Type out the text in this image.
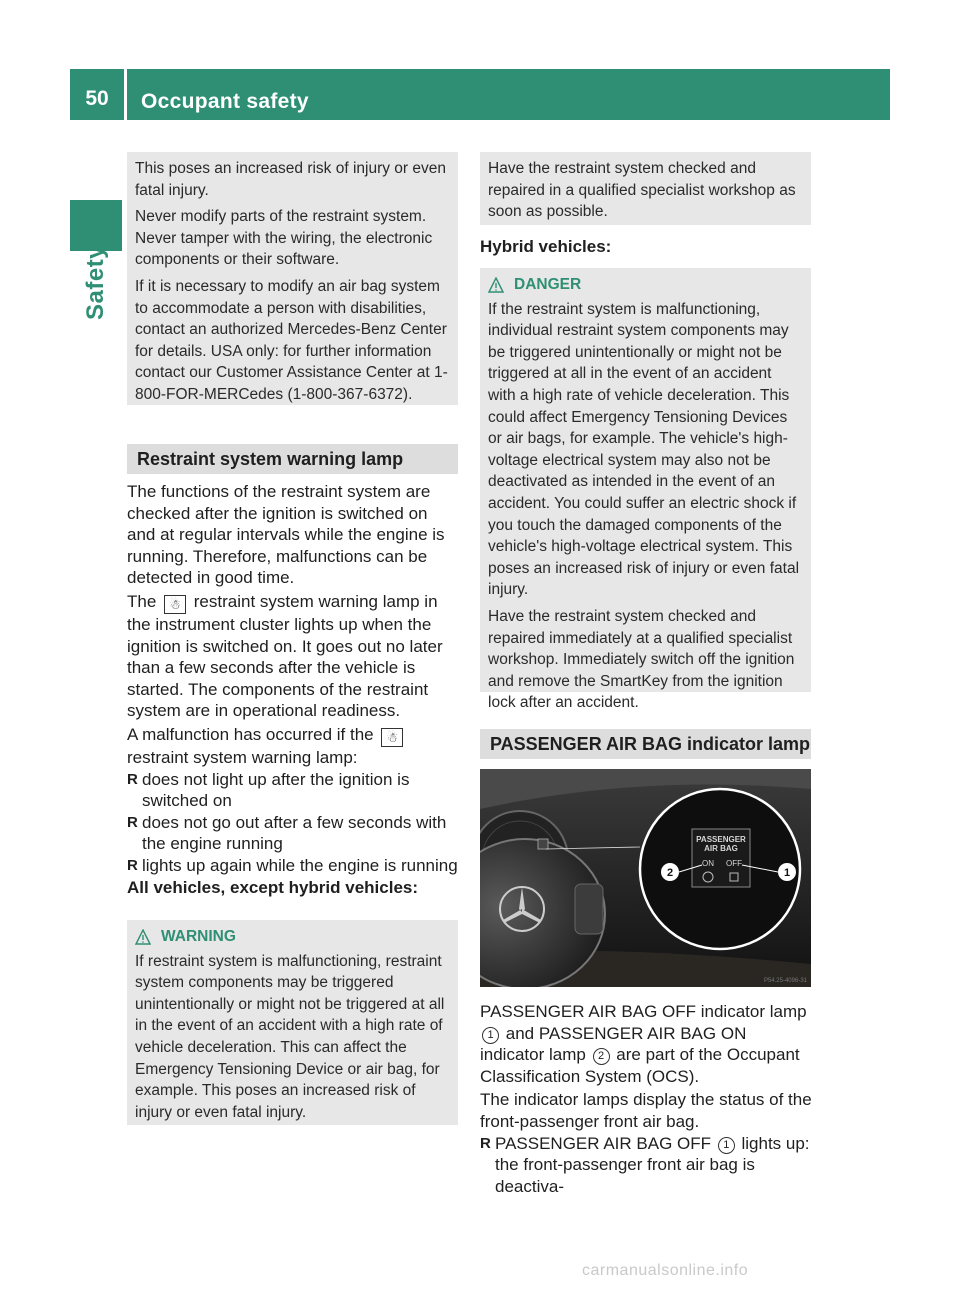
50	Occupant safety
Safety

This poses an increased risk of injury or even fatal injury.

Never modify parts of the restraint system. Never tamper with the wiring, the electronic components or their software.

If it is necessary to modify an air bag system to accommodate a person with disabilities, contact an authorized Mercedes-Benz Center for details. USA only: for further information contact our Customer Assistance Center at 1-800-FOR-MERCedes (1-800-367-6372).

Restraint system warning lamp

The functions of the restraint system are checked after the ignition is switched on and at regular intervals while the engine is running. Therefore, malfunctions can be detected in good time.

The ☃ restraint system warning lamp in the instrument cluster lights up when the ignition is switched on. It goes out no later than a few seconds after the vehicle is started. The components of the restraint system are in operational readiness.

A malfunction has occurred if the ☃ restraint system warning lamp:

R does not light up after the ignition is switched on
R does not go out after a few seconds with the engine running
R lights up again while the engine is running

All vehicles, except hybrid vehicles:

WARNING

If restraint system is malfunctioning, restraint system components may be triggered unintentionally or might not be triggered at all in the event of an accident with a high rate of vehicle deceleration. This can affect the Emergency Tensioning Device or air bag, for example. This poses an increased risk of injury or even fatal injury.

Have the restraint system checked and repaired in a qualified specialist workshop as soon as possible.

Hybrid vehicles:
DANGER

If the restraint system is malfunctioning, individual restraint system components may be triggered unintentionally or might not be triggered at all in the event of an accident with a high rate of vehicle deceleration. This could affect Emergency Tensioning Devices or air bags, for example. The vehicle's high-voltage electrical system may also not be deactivated as intended in the event of an accident. You could suffer an electric shock if you touch the damaged components of the vehicle's high-voltage electrical system. This poses an increased risk of injury or even fatal injury.

Have the restraint system checked and repaired immediately at a qualified specialist workshop. Immediately switch off the ignition and remove the SmartKey from the ignition lock after an accident.

PASSENGER AIR BAG indicator lamp
PASSENGER
AIR BAG
ON OFF
2	1
P54.25-4096-31

PASSENGER AIR BAG OFF indicator lamp 1 and PASSENGER AIR BAG ON indicator lamp 2 are part of the Occupant Classification System (OCS).

The indicator lamps display the status of the front-passenger front air bag.

R PASSENGER AIR BAG OFF 1 lights up: the front-passenger front air bag is deactiva-
carmanualsonline.info
